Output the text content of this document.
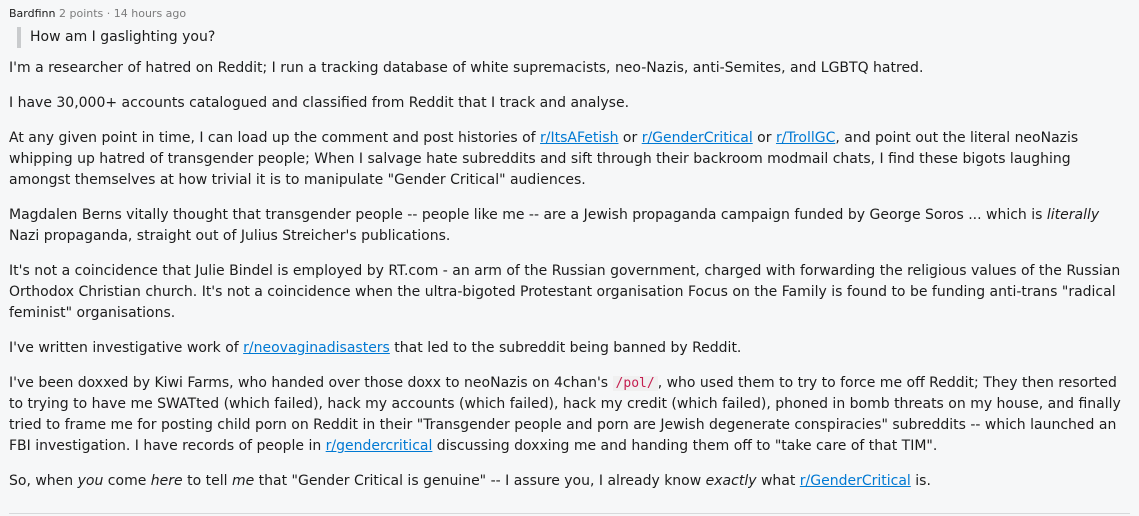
Bardfinn 2 points · 14 hours ago
How am I gaslighting you?

I'm a researcher of hatred on Reddit; I run a tracking database of white supremacists, neo-Nazis, anti-Semites, and LGBTQ hatred.

I have 30,000+ accounts catalogued and classified from Reddit that I track and analyse.

At any given point in time, I can load up the comment and post histories of r/ItsAFetish or r/GenderCritical or r/TrollGC, and point out the literal neoNazis whipping up hatred of transgender people; When I salvage hate subreddits and sift through their backroom modmail chats, I find these bigots laughing amongst themselves at how trivial it is to manipulate "Gender Critical" audiences.

Magdalen Berns vitally thought that transgender people -- people like me -- are a Jewish propaganda campaign funded by George Soros ... which is literally Nazi propaganda, straight out of Julius Streicher's publications.

It's not a coincidence that Julie Bindel is employed by RT.com - an arm of the Russian government, charged with forwarding the religious values of the Russian Orthodox Christian church. It's not a coincidence when the ultra-bigoted Protestant organisation Focus on the Family is found to be funding anti-trans "radical feminist" organisations.

I've written investigative work of r/neovaginadisasters that led to the subreddit being banned by Reddit.

I've been doxxed by Kiwi Farms, who handed over those doxx to neoNazis on 4chan's /pol/ , who used them to try to force me off Reddit; They then resorted to trying to have me SWATted (which failed), hack my accounts (which failed), hack my credit (which failed), phoned in bomb threats on my house, and finally tried to frame me for posting child porn on Reddit in their "Transgender people and porn are Jewish degenerate conspiracies" subreddits -- which launched an FBI investigation. I have records of people in r/gendercritical discussing doxxing me and handing them off to "take care of that TIM".

So, when you come here to tell me that "Gender Critical is genuine" -- I assure you, I already know exactly what r/GenderCritical is.
